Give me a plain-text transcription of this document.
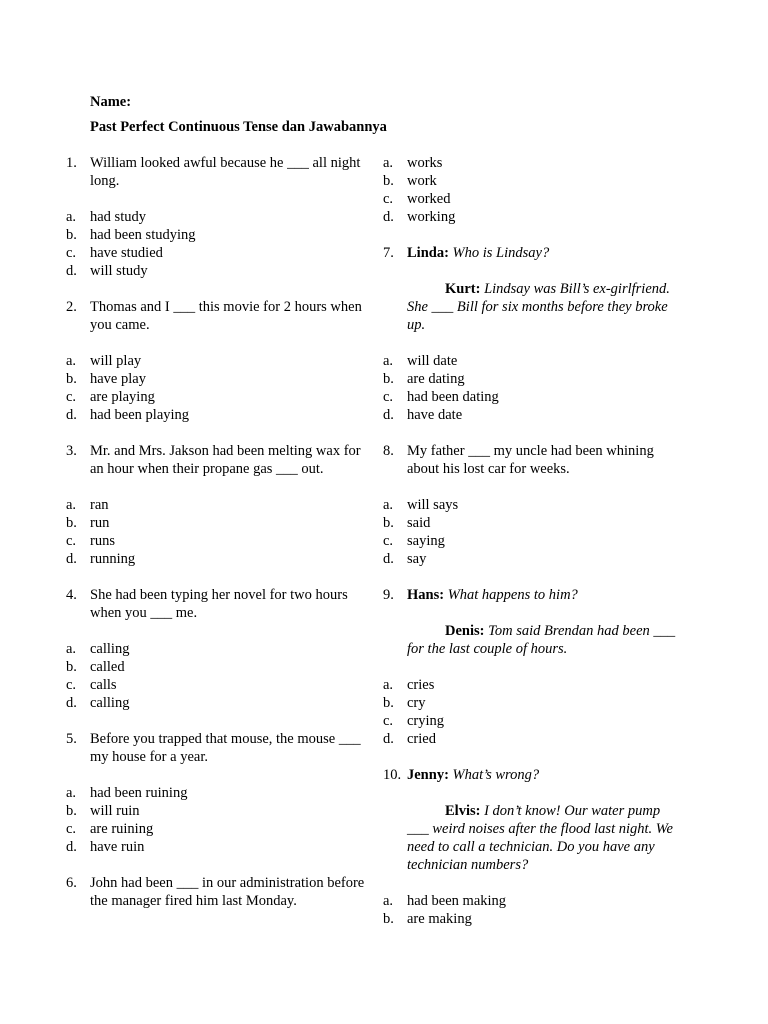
Name:
Past Perfect Continuous Tense dan Jawabannya
1. William looked awful because he ___ all night long.
a. had study
b. had been studying
c. have studied
d. will study
2. Thomas and I ___ this movie for 2 hours when you came.
a. will play
b. have play
c. are playing
d. had been playing
3. Mr. and Mrs. Jakson had been melting wax for an hour when their propane gas ___ out.
a. ran
b. run
c. runs
d. running
4. She had been typing her novel for two hours when you ___ me.
a. calling
b. called
c. calls
d. calling
5. Before you trapped that mouse, the mouse ___ my house for a year.
a. had been ruining
b. will ruin
c. are ruining
d. have ruin
6. John had been ___ in our administration before the manager fired him last Monday.
a. works
b. work
c. worked
d. working
7. Linda: Who is Lindsay?
Kurt: Lindsay was Bill’s ex-girlfriend. She ___ Bill for six months before they broke up.
a. will date
b. are dating
c. had been dating
d. have date
8. My father ___ my uncle had been whining about his lost car for weeks.
a. will says
b. said
c. saying
d. say
9. Hans: What happens to him?
Denis: Tom said Brendan had been ___ for the last couple of hours.
a. cries
b. cry
c. crying
d. cried
10. Jenny: What’s wrong?
Elvis: I don’t know! Our water pump ___ weird noises after the flood last night. We need to call a technician. Do you have any technician numbers?
a. had been making
b. are making
